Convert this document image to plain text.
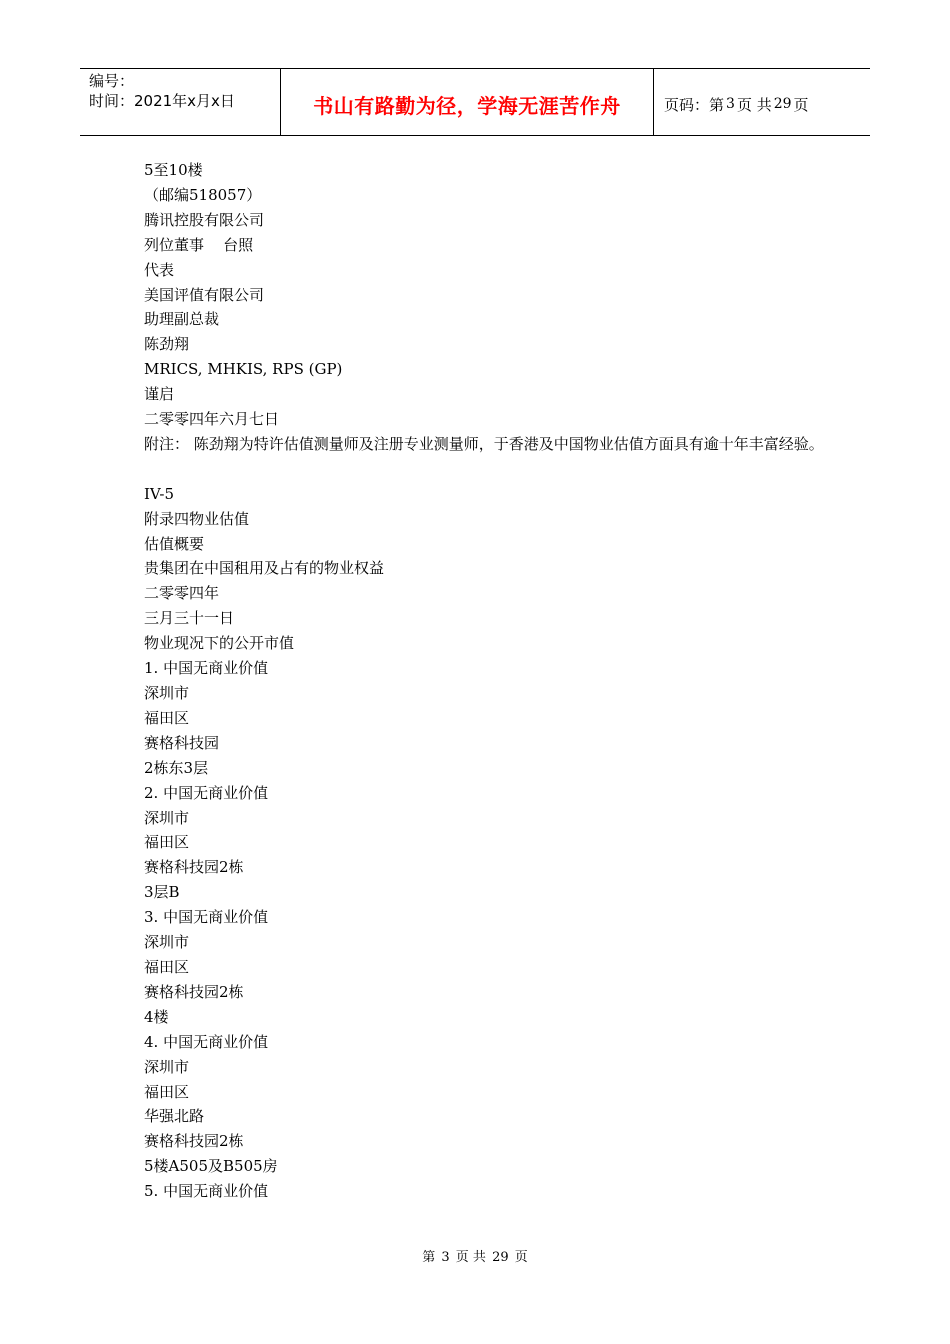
编号：
时间：2021年x月x日	书山有路勤为径，学海无涯苦作舟	页码：第 3 页 共 29 页
5至10楼
（邮编518057）
腾讯控股有限公司
列位董事    台照
代表
美国评值有限公司
助理副总裁
陈劲翔
MRICS, MHKIS, RPS (GP)
谨启
二零零四年六月七日
附注： 陈劲翔为特许估值测量师及注册专业测量师，于香港及中国物业估值方面具有逾十年丰富经验。
IV-5
附录四物业估值
估值概要
贵集团在中国租用及占有的物业权益
二零零四年
三月三十一日
物业现况下的公开市值
1. 中国无商业价值
深圳市
福田区
赛格科技园
2栋东3层
2. 中国无商业价值
深圳市
福田区
赛格科技园2栋
3层B
3. 中国无商业价值
深圳市
福田区
赛格科技园2栋
4楼
4. 中国无商业价值
深圳市
福田区
华强北路
赛格科技园2栋
5楼A505及B505房
5. 中国无商业价值
第 3 页 共 29 页
